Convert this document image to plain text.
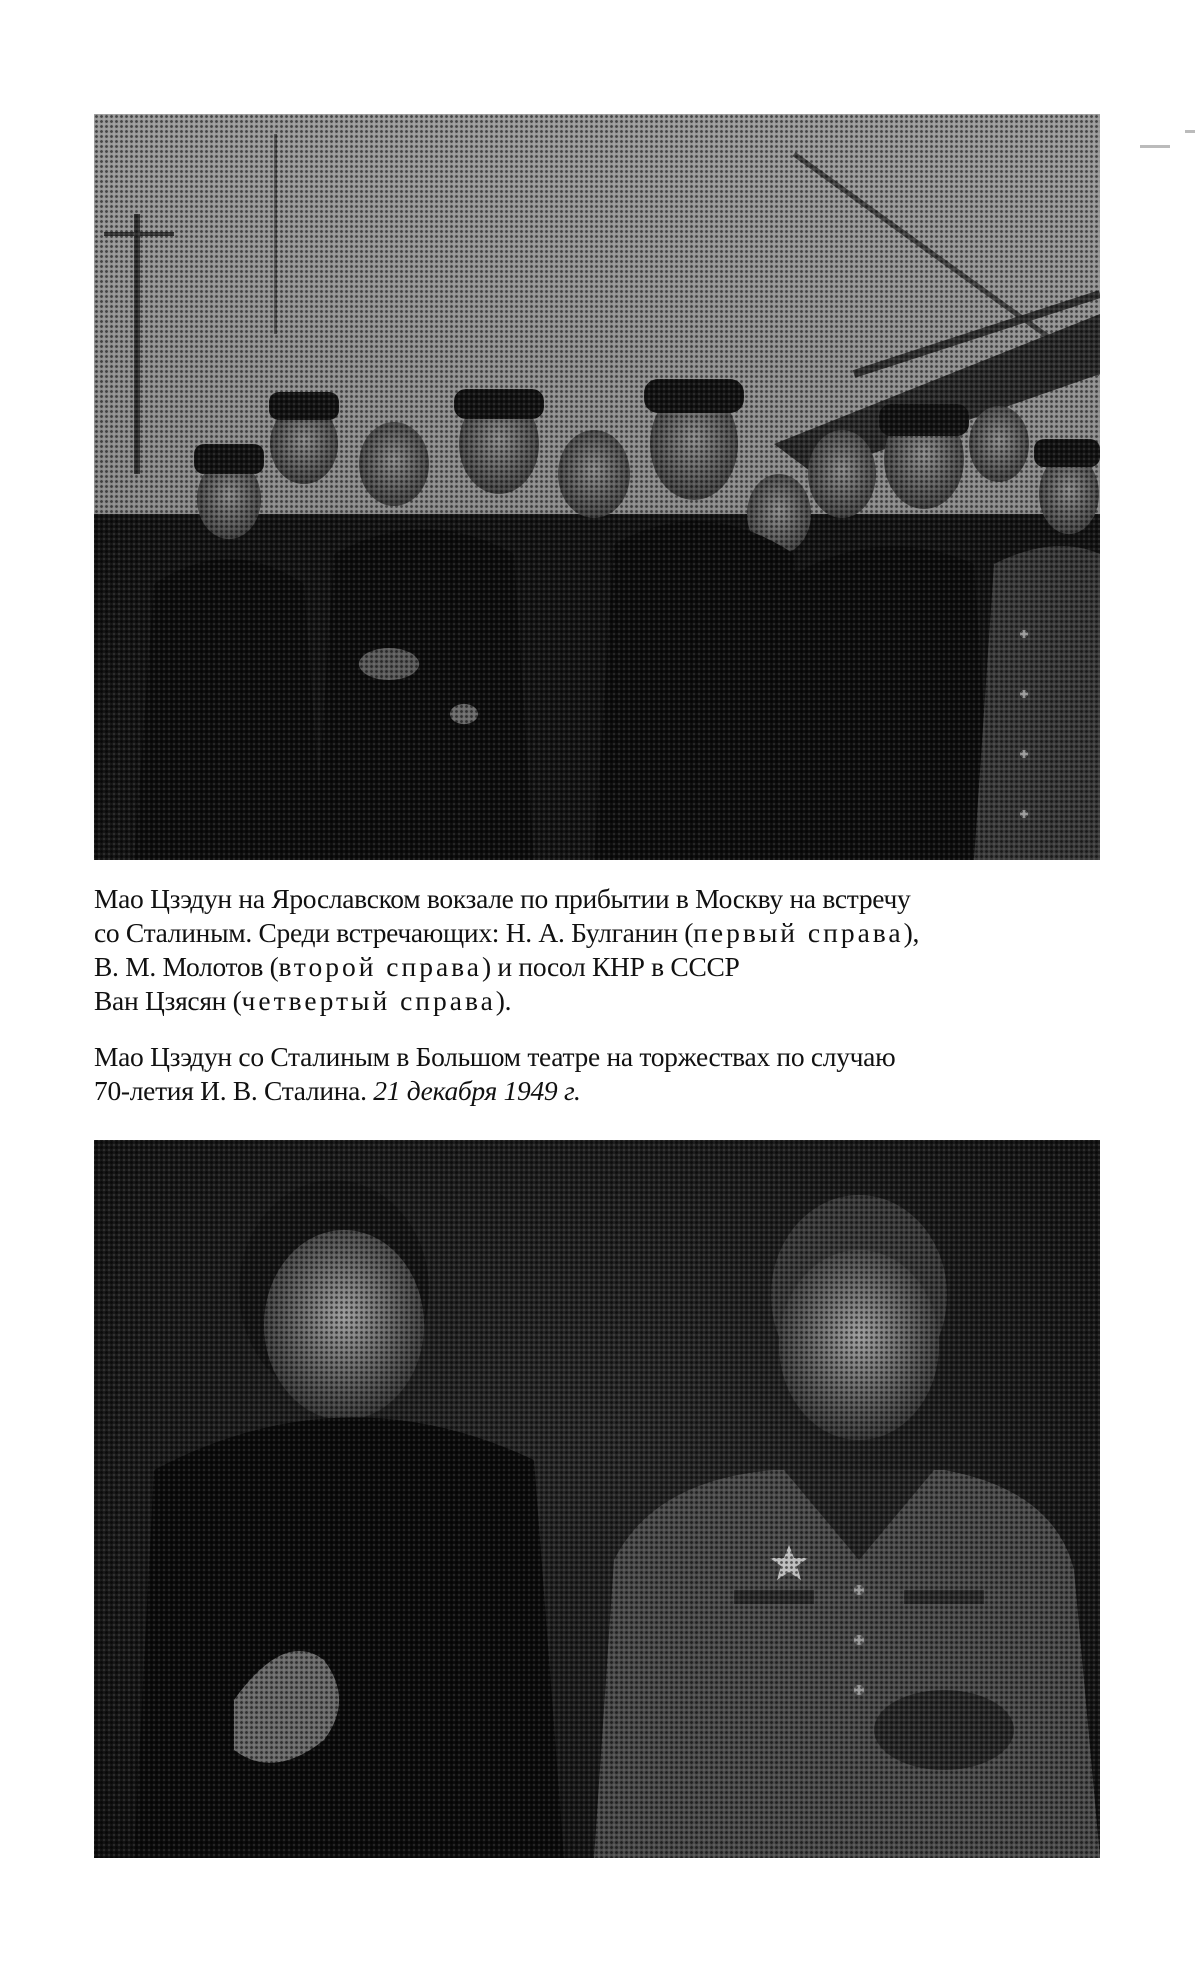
Мао Цзэдун на Ярославском вокзале по прибытии в Москву на встречу
со Сталиным. Среди встречающих: Н. А. Булганин (первый справа),
В. М. Молотов (второй справа) и посол КНР в СССР
Ван Цзясян (четвертый справа).
Мао Цзэдун со Сталиным в Большом театре на торжествах по случаю
70-летия И. В. Сталина. 21 декабря 1949 г.
